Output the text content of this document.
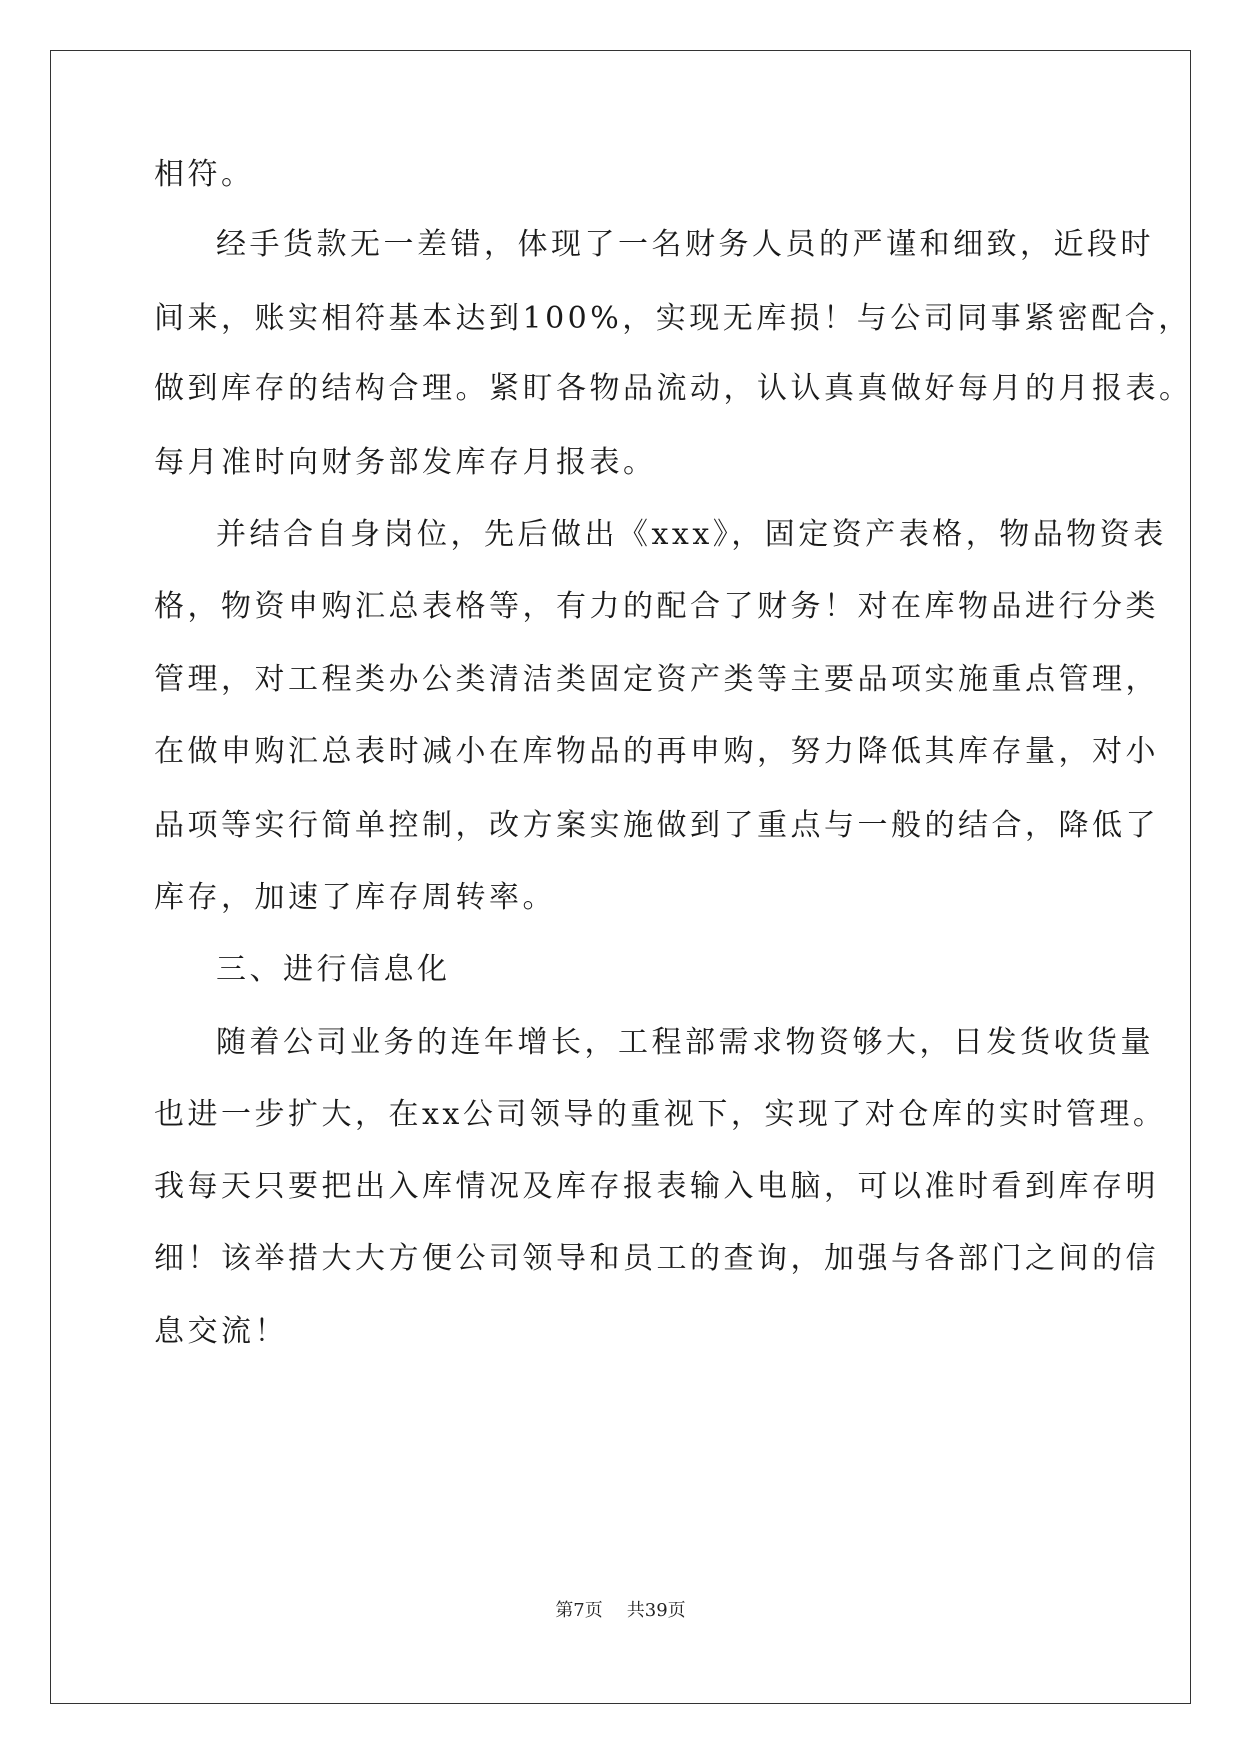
相符。
经手货款无一差错，体现了一名财务人员的严谨和细致，近段时
间来，账实相符基本达到100%，实现无库损！与公司同事紧密配合，
做到库存的结构合理。紧盯各物品流动，认认真真做好每月的月报表。
每月准时向财务部发库存月报表。
并结合自身岗位，先后做出《xxx》，固定资产表格，物品物资表
格，物资申购汇总表格等，有力的配合了财务！对在库物品进行分类
管理，对工程类办公类清洁类固定资产类等主要品项实施重点管理，
在做申购汇总表时减小在库物品的再申购，努力降低其库存量，对小
品项等实行简单控制，改方案实施做到了重点与一般的结合，降低了
库存，加速了库存周转率。
三、进行信息化
随着公司业务的连年增长，工程部需求物资够大，日发货收货量
也进一步扩大，在xx公司领导的重视下，实现了对仓库的实时管理。
我每天只要把出入库情况及库存报表输入电脑，可以准时看到库存明
细！该举措大大方便公司领导和员工的查询，加强与各部门之间的信
息交流！
第7页 共39页
